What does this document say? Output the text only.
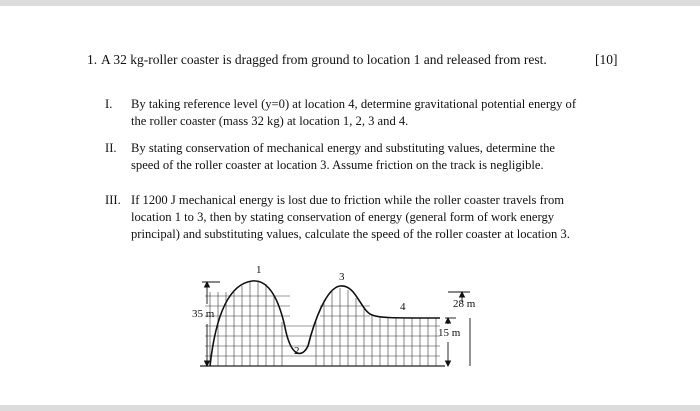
1. A 32 kg-roller coaster is dragged from ground to location 1 and released from rest.	[10]
I. By taking reference level (y=0) at location 4, determine gravitational potential energy of
the roller coaster (mass 32 kg) at location 1, 2, 3 and 4.
II. By stating conservation of mechanical energy and substituting values, determine the
speed of the roller coaster at location 3. Assume friction on the track is negligible.
III. If 1200 J mechanical energy is lost due to friction while the roller coaster travels from
location 1 to 3, then by stating conservation of energy (general form of work energy
principal) and substituting values, calculate the speed of the roller coaster at location 3.
1
2
3
4
35 m
28 m
15 m
